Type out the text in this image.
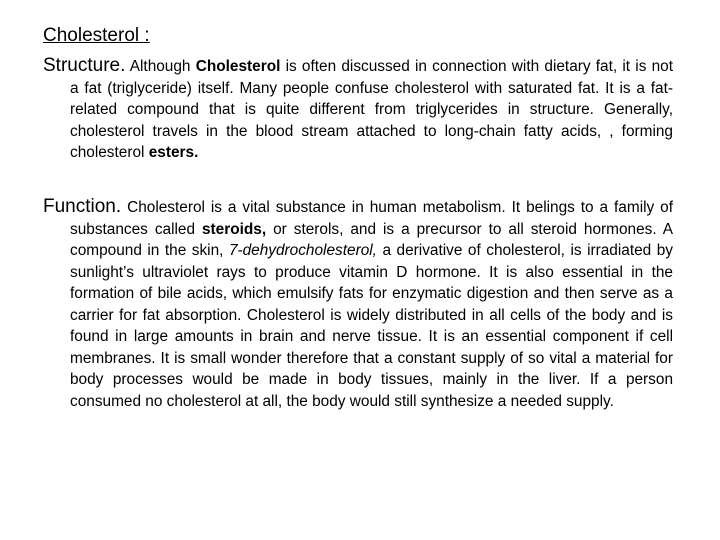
Cholesterol :
Structure. Although Cholesterol is often discussed in connection with dietary fat, it is not a fat (triglyceride) itself. Many people confuse cholesterol with saturated fat. It is a fat-related compound that is quite different from triglycerides in structure. Generally, cholesterol travels in the blood stream attached to long-chain fatty acids, , forming cholesterol esters.
Function. Cholesterol is a vital substance in human metabolism. It belings to a family of substances called steroids, or sterols, and is a precursor to all steroid hormones. A compound in the skin, 7-dehydrocholesterol, a derivative of cholesterol, is irradiated by sunlight’s ultraviolet rays to produce vitamin D hormone. It is also essential in the formation of bile acids, which emulsify fats for enzymatic digestion and then serve as a carrier for fat absorption. Cholesterol is widely distributed in all cells of the body and is found in large amounts in brain and nerve tissue. It is an essential component if cell membranes. It is small wonder therefore that a constant supply of so vital a material for body processes would be made in body tissues, mainly in the liver. If a person consumed no cholesterol at all, the body would still synthesize a needed supply.
